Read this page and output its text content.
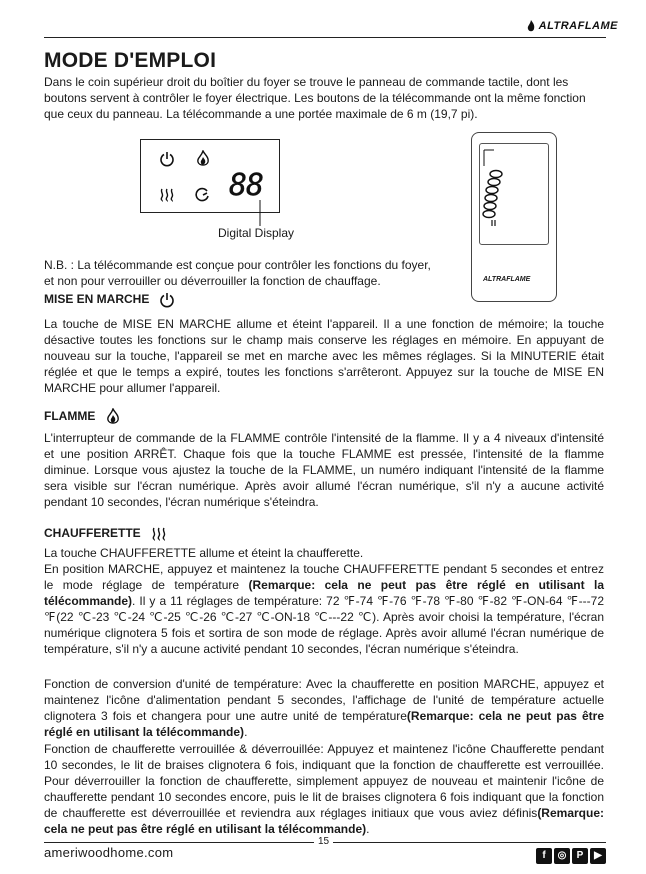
ALTRAFLAME
MODE D'EMPLOI

Dans le coin supérieur droit du boîtier du foyer se trouve le panneau de commande tactile, dont les boutons servent à contrôler le foyer électrique. Les boutons de la télécommande ont la même fonction que ceux du panneau. La télécommande a une portée maximale de 6 m (19,7 pi).

88
Digital Display
ALTRAFLAME

N.B. : La télécommande est conçue pour contrôler les fonctions du foyer, et non pour verrouiller ou déverrouiller la fonction de chauffage.

MISE EN MARCHE

La touche de MISE EN MARCHE allume et éteint l'appareil. Il a une fonction de mémoire; la touche désactive toutes les fonctions sur le champ mais conserve les réglages en mémoire. En appuyant de nouveau sur la touche, l'appareil se met en marche avec les mêmes réglages. Si la MINUTERIE était réglée et que le temps a expiré, toutes les fonctions s'arrêteront. Appuyez sur la touche de MISE EN MARCHE pour allumer l'appareil.

FLAMME

L'interrupteur de commande de la FLAMME contrôle l'intensité de la flamme. Il y a 4 niveaux d'intensité et une position ARRÊT. Chaque fois que la touche FLAMME est pressée, l'intensité de la flamme diminue. Lorsque vous ajustez la touche de la FLAMME, un numéro indiquant l'intensité de la flamme sera visible sur l'écran numérique. Après avoir allumé l'écran numérique, s'il n'y a aucune activité pendant 10 secondes, l'écran numérique s'éteindra.

CHAUFFERETTE

La touche CHAUFFERETTE allume et éteint la chaufferette.

En position MARCHE, appuyez et maintenez la touche CHAUFFERETTE pendant 5 secondes et entrez le mode réglage de température (Remarque: cela ne peut pas être réglé en utilisant la télécommande). Il y a 11 réglages de température: 72 ℉-74 ℉-76 ℉-78 ℉-80 ℉-82 ℉-ON-64 ℉---72 ℉(22 ℃-23 ℃-24 ℃-25 ℃-26 ℃-27 ℃-ON-18 ℃---22 ℃). Après avoir choisi la température, l'écran numérique clignotera 5 fois et sortira de son mode de réglage. Après avoir allumé l'écran numérique de température, s'il n'y a aucune activité pendant 10 secondes, l'écran numérique s'éteindra.

Fonction de conversion d'unité de température: Avec la chaufferette en position MARCHE, appuyez et maintenez l'icône d'alimentation pendant 5 secondes, l'affichage de l'unité de température actuelle clignotera 3 fois et changera pour une autre unité de température(Remarque: cela ne peut pas être réglé en utilisant la télécommande).

Fonction de chaufferette verrouillée & déverrouillée: Appuyez et maintenez l'icône Chaufferette pendant 10 secondes, le lit de braises clignotera 6 fois, indiquant que la fonction de chaufferette est verrouillée. Pour déverrouiller la fonction de chaufferette, simplement appuyez de nouveau et maintenir l'icône de chaufferette pendant 10 secondes encore, puis le lit de braises clignotera 6 fois indiquant que la fonction de chaufferette est déverrouillée et reviendra aux réglages initiaux que vous aviez définis(Remarque: cela ne peut pas être réglé en utilisant la télécommande).

15
ameriwoodhome.com	f ◎ P ▶
